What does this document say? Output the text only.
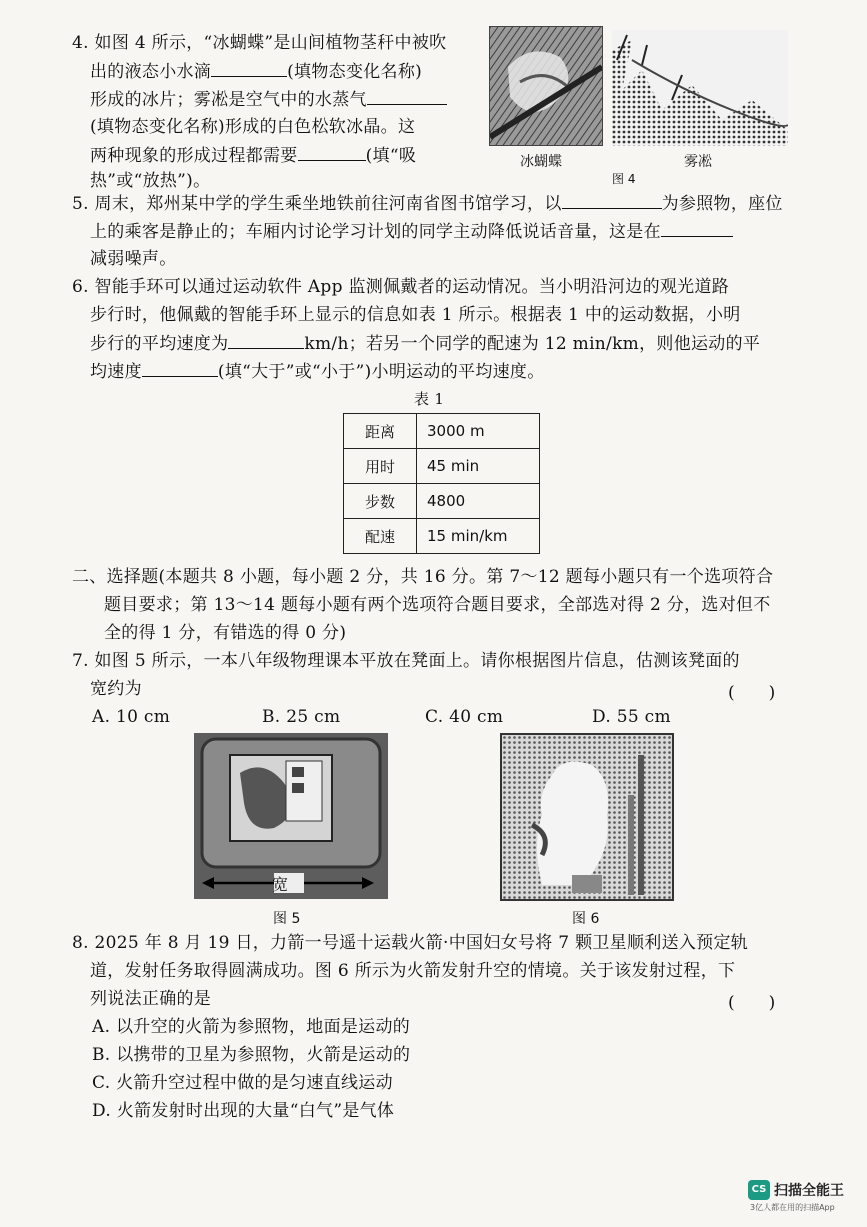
4. 如图 4 所示，“冰蝴蝶”是山间植物茎秆中被吹
出的液态小水滴	(填物态变化名称)
形成的冰片；雾凇是空气中的水蒸气
(填物态变化名称)形成的白色松软冰晶。这
两种现象的形成过程都需要	(填“吸
热”或“放热”)。
冰蝴蝶	雾凇
图 4
5. 周末，郑州某中学的学生乘坐地铁前往河南省图书馆学习，以	为参照物，座位
上的乘客是静止的；车厢内讨论学习计划的同学主动降低说话音量，这是在
减弱噪声。
6. 智能手环可以通过运动软件 App 监测佩戴者的运动情况。当小明沿河边的观光道路
步行时，他佩戴的智能手环上显示的信息如表 1 所示。根据表 1 中的运动数据，小明
步行的平均速度为	km/h；若另一个同学的配速为 12 min/km，则他运动的平
均速度	(填“大于”或“小于”)小明运动的平均速度。
表 1
距离	3000 m
用时	45 min
步数	4800
配速	15 min/km
二、选择题(本题共 8 小题，每小题 2 分，共 16 分。第 7～12 题每小题只有一个选项符合
题目要求；第 13～14 题每小题有两个选项符合题目要求，全部选对得 2 分，选对但不
全的得 1 分，有错选的得 0 分)
7. 如图 5 所示，一本八年级物理课本平放在凳面上。请你根据图片信息，估测该凳面的
宽约为	(　　)
A. 10 cm	B. 25 cm	C. 40 cm	D. 55 cm
宽
图 5	图 6
8. 2025 年 8 月 19 日，力箭一号遥十运载火箭·中国妇女号将 7 颗卫星顺利送入预定轨
道，发射任务取得圆满成功。图 6 所示为火箭发射升空的情境。关于该发射过程，下
列说法正确的是	(　　)
A. 以升空的火箭为参照物，地面是运动的
B. 以携带的卫星为参照物，火箭是运动的
C. 火箭升空过程中做的是匀速直线运动
D. 火箭发射时出现的大量“白气”是气体
CS 扫描全能王
3亿人都在用的扫描App
